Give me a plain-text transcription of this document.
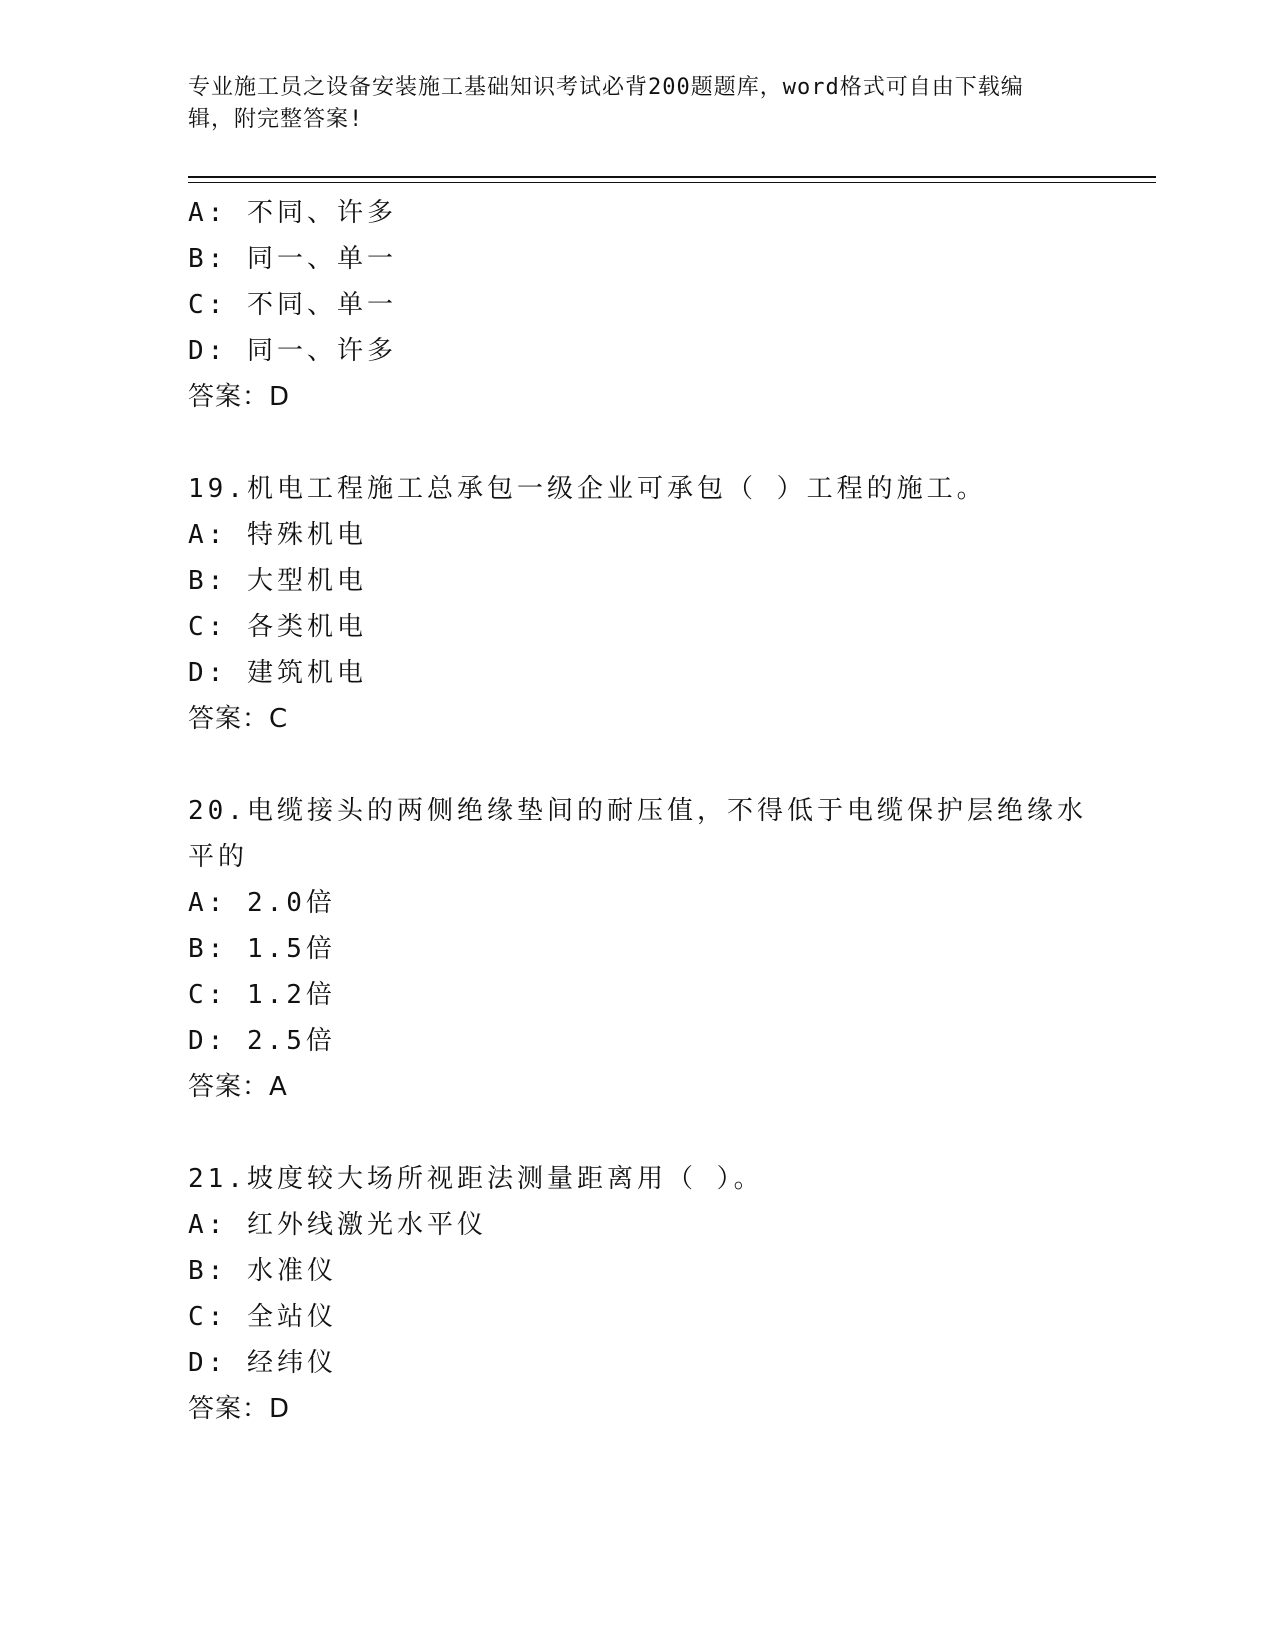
专业施工员之设备安装施工基础知识考试必背200题题库，word格式可自由下载编辑，附完整答案!
A: 不同、许多
B: 同一、单一
C: 不同、单一
D: 同一、许多
答案：D
19.机电工程施工总承包一级企业可承包（ ）工程的施工。
A: 特殊机电
B: 大型机电
C: 各类机电
D: 建筑机电
答案：C
20.电缆接头的两侧绝缘垫间的耐压值，不得低于电缆保护层绝缘水平的
A: 2.0倍
B: 1.5倍
C: 1.2倍
D: 2.5倍
答案：A
21.坡度较大场所视距法测量距离用（ ）。
A: 红外线激光水平仪
B: 水准仪
C: 全站仪
D: 经纬仪
答案：D
